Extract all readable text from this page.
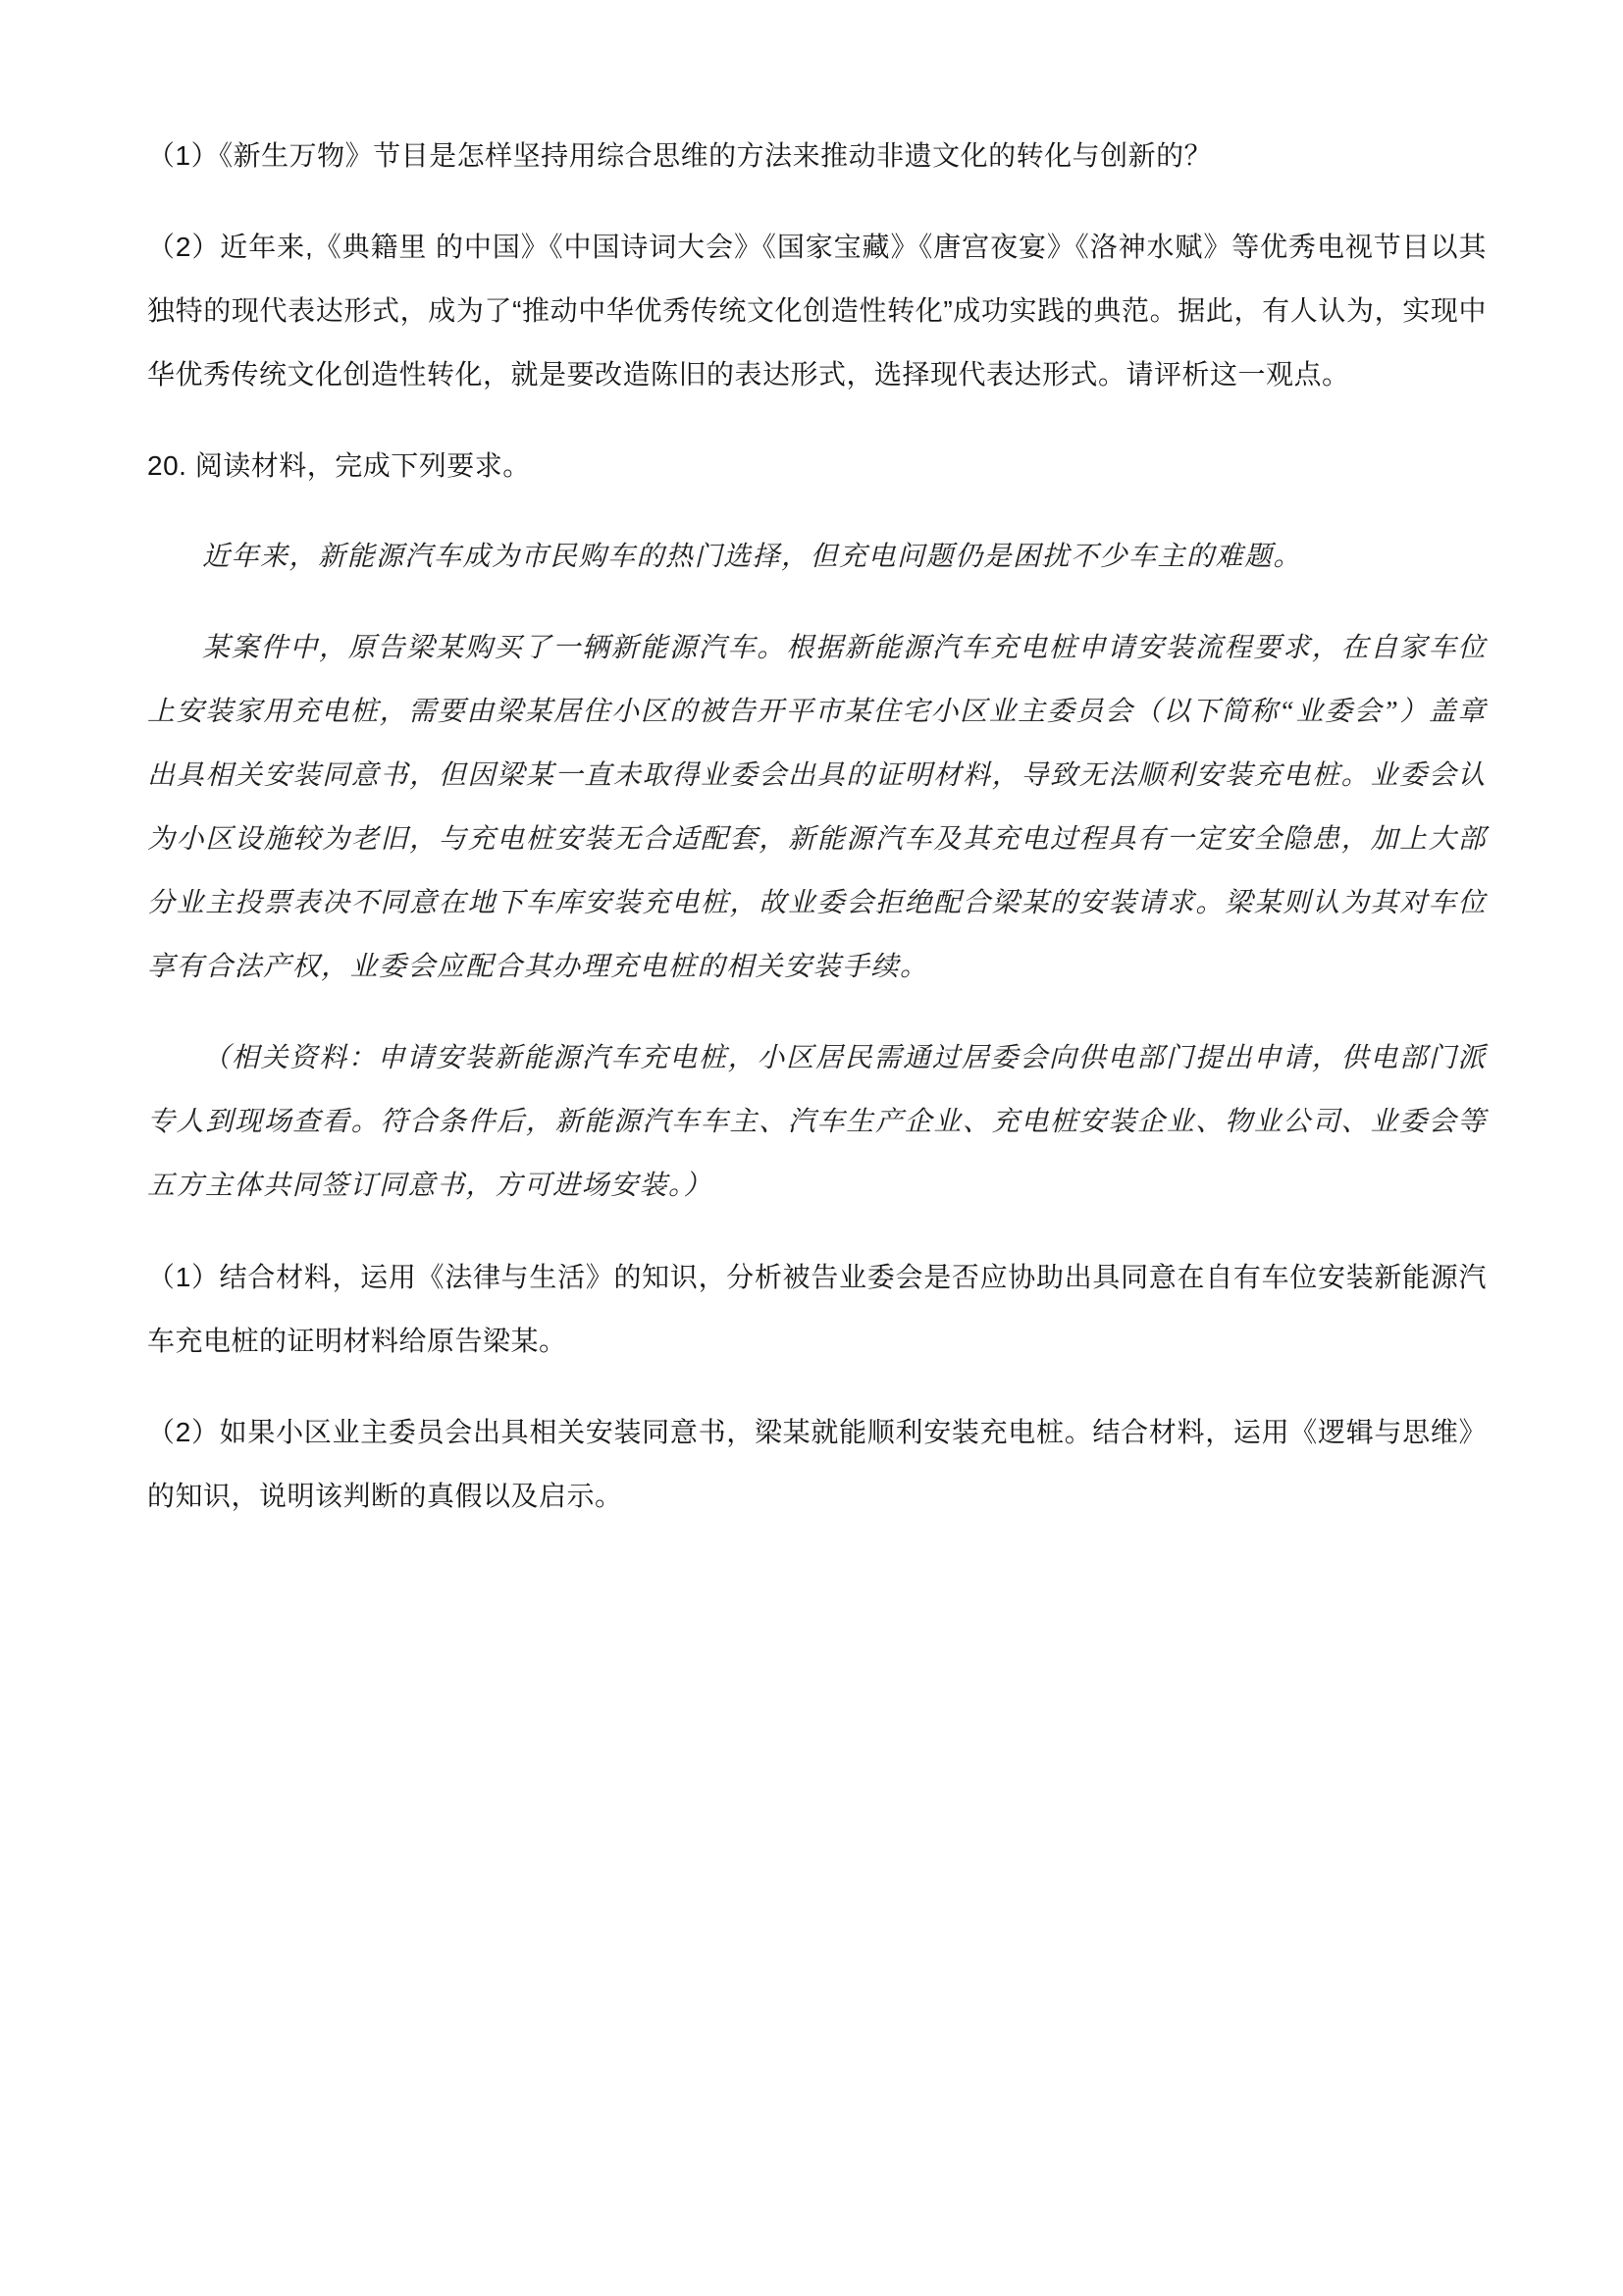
（1）《新生万物》节目是怎样坚持用综合思维的方法来推动非遗文化的转化与创新的？

（2）近年来,《典籍里 的中国》《中国诗词大会》《国家宝藏》《唐宫夜宴》《洛神水赋》等优秀电视节目以其独特的现代表达形式，成为了“推动中华优秀传统文化创造性转化”成功实践的典范。据此，有人认为，实现中华优秀传统文化创造性转化，就是要改造陈旧的表达形式，选择现代表达形式。请评析这一观点。

20. 阅读材料，完成下列要求。

近年来，新能源汽车成为市民购车的热门选择，但充电问题仍是困扰不少车主的难题。

某案件中，原告梁某购买了一辆新能源汽车。根据新能源汽车充电桩申请安装流程要求，在自家车位上安装家用充电桩，需要由梁某居住小区的被告开平市某住宅小区业主委员会（以下简称“业委会”）盖章出具相关安装同意书，但因梁某一直未取得业委会出具的证明材料，导致无法顺利安装充电桩。业委会认为小区设施较为老旧，与充电桩安装无合适配套，新能源汽车及其充电过程具有一定安全隐患，加上大部分业主投票表决不同意在地下车库安装充电桩，故业委会拒绝配合梁某的安装请求。梁某则认为其对车位享有合法产权，业委会应配合其办理充电桩的相关安装手续。

（相关资料：申请安装新能源汽车充电桩，小区居民需通过居委会向供电部门提出申请，供电部门派专人到现场查看。符合条件后，新能源汽车车主、汽车生产企业、充电桩安装企业、物业公司、业委会等五方主体共同签订同意书，方可进场安装。）

（1）结合材料，运用《法律与生活》的知识，分析被告业委会是否应协助出具同意在自有车位安装新能源汽车充电桩的证明材料给原告梁某。

（2）如果小区业主委员会出具相关安装同意书，梁某就能顺利安装充电桩。结合材料，运用《逻辑与思维》的知识，说明该判断的真假以及启示。
